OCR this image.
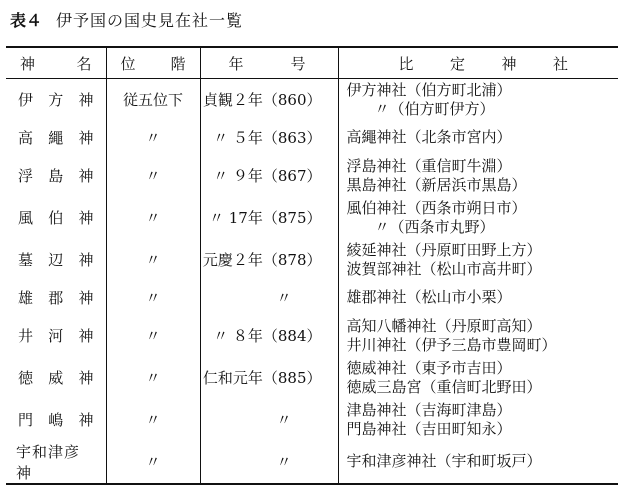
表４ 伊予国の国史見在社一覧
神 名	位 階	年 号	比 定 神 社

伊 方 神	従五位下	貞観２年（860）	伊方神社（伯方町北浦）
〃（伯方町伊方）

高 繩 神	〃	〃 ５年（863）	高繩神社（北条市宮内）

浮 島 神	〃	〃 ９年（867）	浮島神社（重信町牛淵）
黒島神社（新居浜市黒島）

風 伯 神	〃	〃 17年（875）	風伯神社（西条市朔日市）
〃（西条市丸野）

墓 辺 神	〃	元慶２年（878）	綾延神社（丹原町田野上方）
波賀部神社（松山市高井町）

雄 郡 神	〃	〃	雄郡神社（松山市小栗）

井 河 神	〃	〃 ８年（884）	高知八幡神社（丹原町高知）
井川神社（伊予三島市豊岡町）

徳 威 神	〃	仁和元年（885）	徳威神社（東予市吉田）
徳威三島宮（重信町北野田）

門 嶋 神	〃	〃	津島神社（吉海町津島）
門島神社（吉田町知永）

宇和津彦神	〃	〃	宇和津彦神社（宇和町坂戸）
